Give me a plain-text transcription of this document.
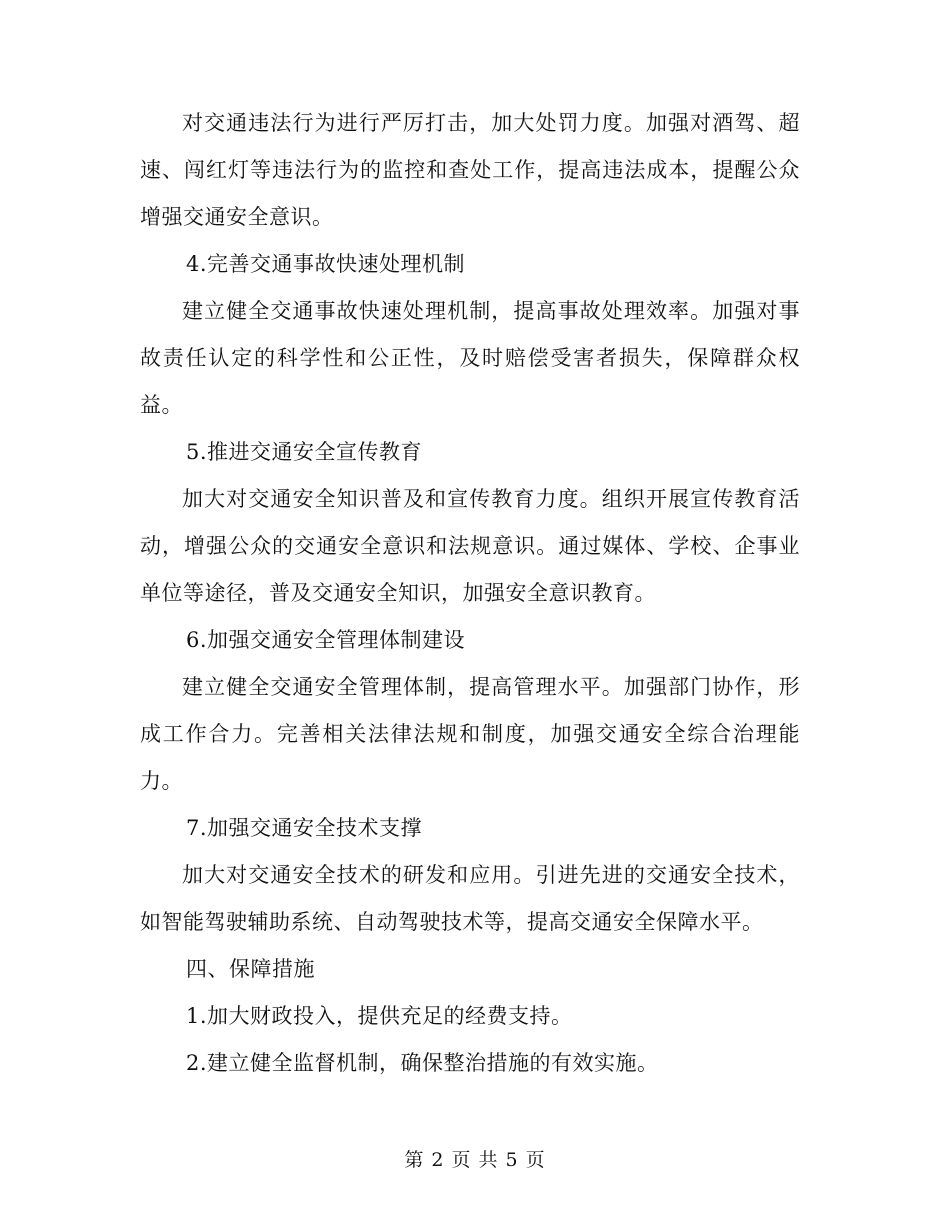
对交通违法行为进行严厉打击，加大处罚力度。加强对酒驾、超速、闯红灯等违法行为的监控和查处工作，提高违法成本，提醒公众增强交通安全意识。

4.完善交通事故快速处理机制

建立健全交通事故快速处理机制，提高事故处理效率。加强对事故责任认定的科学性和公正性，及时赔偿受害者损失，保障群众权益。

5.推进交通安全宣传教育

加大对交通安全知识普及和宣传教育力度。组织开展宣传教育活动，增强公众的交通安全意识和法规意识。通过媒体、学校、企事业单位等途径，普及交通安全知识，加强安全意识教育。

6.加强交通安全管理体制建设

建立健全交通安全管理体制，提高管理水平。加强部门协作，形成工作合力。完善相关法律法规和制度，加强交通安全综合治理能力。

7.加强交通安全技术支撑

加大对交通安全技术的研发和应用。引进先进的交通安全技术，如智能驾驶辅助系统、自动驾驶技术等，提高交通安全保障水平。

四、保障措施

1.加大财政投入，提供充足的经费支持。

2.建立健全监督机制，确保整治措施的有效实施。

第 2 页 共 5 页
